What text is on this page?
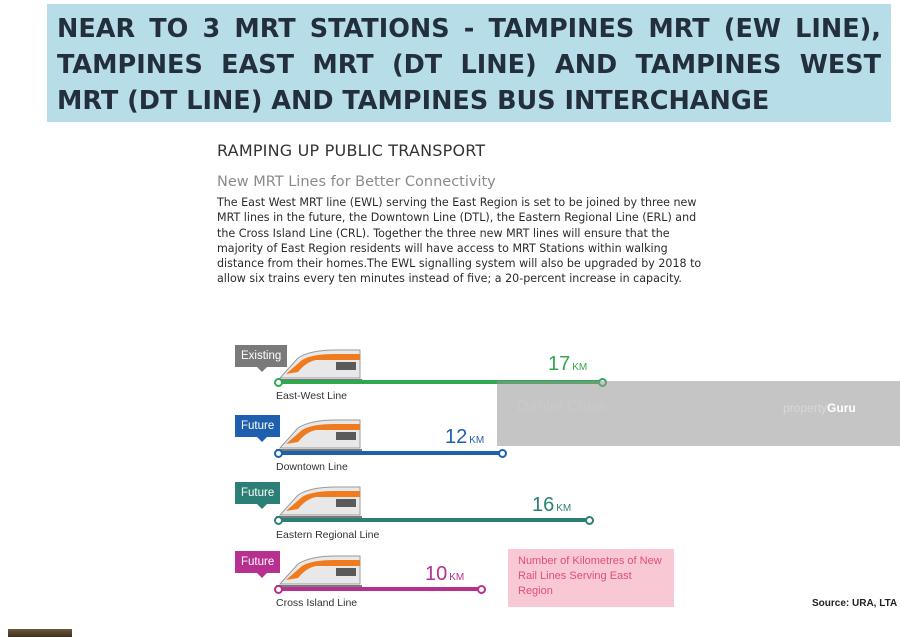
NEAR TO 3 MRT STATIONS - TAMPINES MRT (EW LINE), TAMPINES EAST MRT (DT LINE) AND TAMPINES WEST MRT (DT LINE) AND TAMPINES BUS INTERCHANGE
RAMPING UP PUBLIC TRANSPORT
New MRT Lines for Better Connectivity
The East West MRT line (EWL) serving the East Region is set to be joined by three new MRT lines in the future, the Downtown Line (DTL), the Eastern Regional Line (ERL) and the Cross Island Line (CRL). Together the three new MRT lines will ensure that the majority of East Region residents will have access to MRT Stations within walking distance from their homes.The EWL signalling system will also be upgraded by 2018 to allow six trains every ten minutes instead of five; a 20-percent increase in capacity.
Existing	17 KM
East-West Line
Future	12 KM
Downtown Line
Future
16 KM
Eastern Regional Line
Future
10 KM
Cross Island Line
Number of Kilometres of New Rail Lines Serving East Region
Daniel Chua	propertyGuru
Source: URA, LTA
